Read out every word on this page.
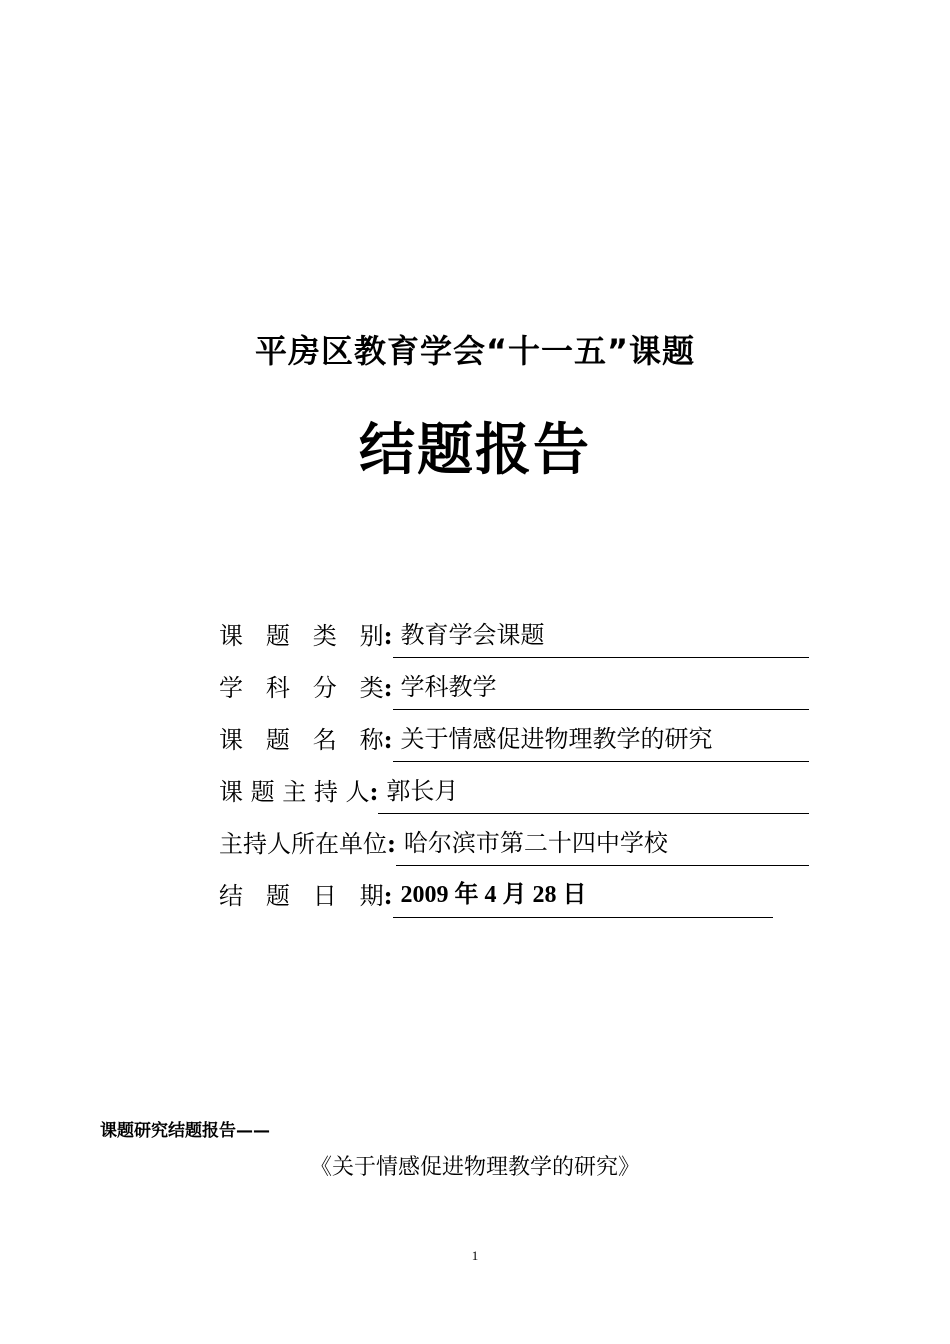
平房区教育学会“十一五”课题
结题报告
课   题   类   别 : 教育学会课题
学   科   分   类 : 学科教学
课   题   名   称 : 关于情感促进物理教学的研究
课 题 主 持 人 : 郭长月
主持人所在单位 : 哈尔滨市第二十四中学校
结   题   日   期 : 2009 年 4 月 28 日
课题研究结题报告——
《关于情感促进物理教学的研究》
1
